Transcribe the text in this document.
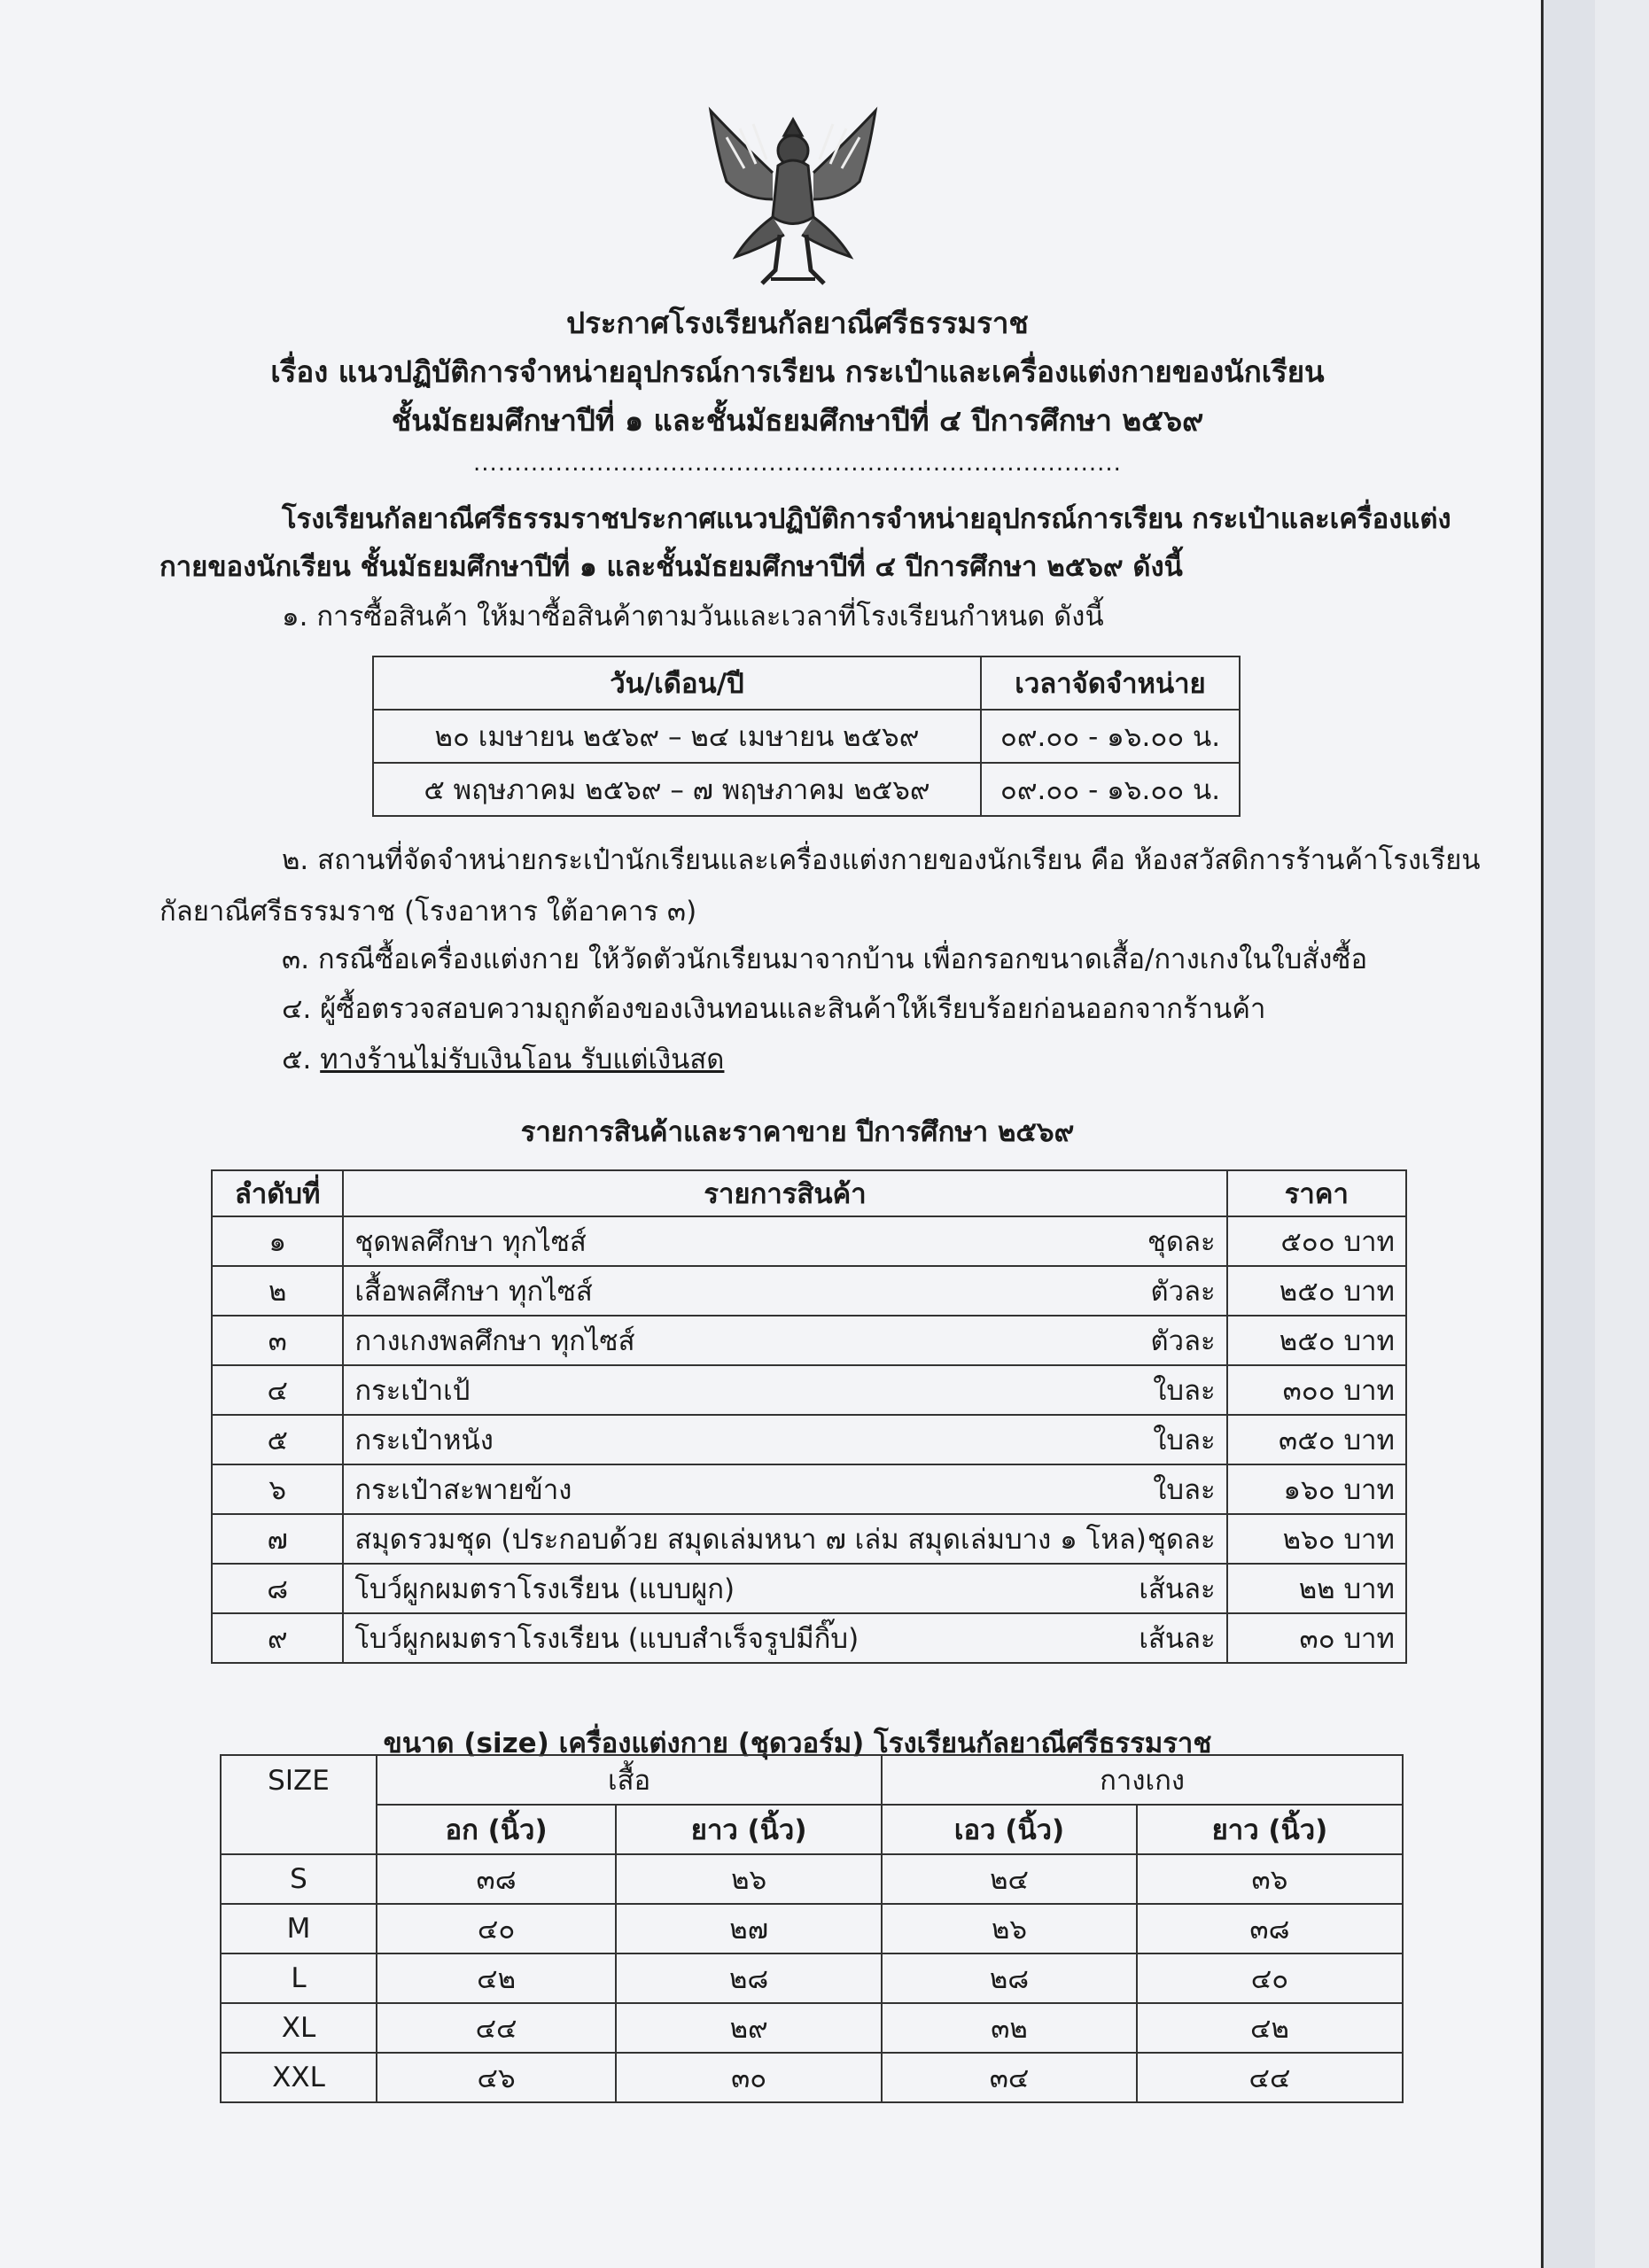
ประกาศโรงเรียนกัลยาณีศรีธรรมราช
เรื่อง แนวปฏิบัติการจำหน่ายอุปกรณ์การเรียน กระเป๋าและเครื่องแต่งกายของนักเรียน
ชั้นมัธยมศึกษาปีที่ ๑ และชั้นมัธยมศึกษาปีที่ ๔ ปีการศึกษา ๒๕๖๙
...............................................................................
โรงเรียนกัลยาณีศรีธรรมราชประกาศแนวปฏิบัติการจำหน่ายอุปกรณ์การเรียน กระเป๋าและเครื่องแต่ง
กายของนักเรียน ชั้นมัธยมศึกษาปีที่ ๑ และชั้นมัธยมศึกษาปีที่ ๔ ปีการศึกษา ๒๕๖๙ ดังนี้
๑. การซื้อสินค้า ให้มาซื้อสินค้าตามวันและเวลาที่โรงเรียนกำหนด ดังนี้
วัน/เดือน/ปี	เวลาจัดจำหน่าย
๒๐ เมษายน ๒๕๖๙ – ๒๔ เมษายน ๒๕๖๙	๐๙.๐๐ - ๑๖.๐๐ น.
๕ พฤษภาคม ๒๕๖๙ – ๗ พฤษภาคม ๒๕๖๙	๐๙.๐๐ - ๑๖.๐๐ น.
๒. สถานที่จัดจำหน่ายกระเป๋านักเรียนและเครื่องแต่งกายของนักเรียน คือ ห้องสวัสดิการร้านค้าโรงเรียน
กัลยาณีศรีธรรมราช (โรงอาหาร ใต้อาคาร ๓)
๓. กรณีซื้อเครื่องแต่งกาย ให้วัดตัวนักเรียนมาจากบ้าน เพื่อกรอกขนาดเสื้อ/กางเกงในใบสั่งซื้อ
๔. ผู้ซื้อตรวจสอบความถูกต้องของเงินทอนและสินค้าให้เรียบร้อยก่อนออกจากร้านค้า
๕. ทางร้านไม่รับเงินโอน รับแต่เงินสด
รายการสินค้าและราคาขาย ปีการศึกษา ๒๕๖๙
ลำดับที่	รายการสินค้า	ราคา
๑	ชุดพลศึกษา ทุกไซส์ ชุดละ	๕๐๐ บาท
๒	เสื้อพลศึกษา ทุกไซส์ ตัวละ	๒๕๐ บาท
๓	กางเกงพลศึกษา ทุกไซส์ ตัวละ	๒๕๐ บาท
๔	กระเป๋าเป้ ใบละ	๓๐๐ บาท
๕	กระเป๋าหนัง ใบละ	๓๕๐ บาท
๖	กระเป๋าสะพายข้าง ใบละ	๑๖๐ บาท
๗	สมุดรวมชุด (ประกอบด้วย สมุดเล่มหนา ๗ เล่ม สมุดเล่มบาง ๑ โหล) ชุดละ	๒๖๐ บาท
๘	โบว์ผูกผมตราโรงเรียน (แบบผูก) เส้นละ	๒๒ บาท
๙	โบว์ผูกผมตราโรงเรียน (แบบสำเร็จรูปมีกิ๊บ) เส้นละ	๓๐ บาท
ขนาด (size) เครื่องแต่งกาย (ชุดวอร์ม) โรงเรียนกัลยาณีศรีธรรมราช
SIZE	เสื้อ		กางเกง	
	อก (นิ้ว)	ยาว (นิ้ว)	เอว (นิ้ว)	ยาว (นิ้ว)
S	๓๘	๒๖	๒๔	๓๖
M	๔๐	๒๗	๒๖	๓๘
L	๔๒	๒๘	๒๘	๔๐
XL	๔๔	๒๙	๓๒	๔๒
XXL	๔๖	๓๐	๓๔	๔๔
